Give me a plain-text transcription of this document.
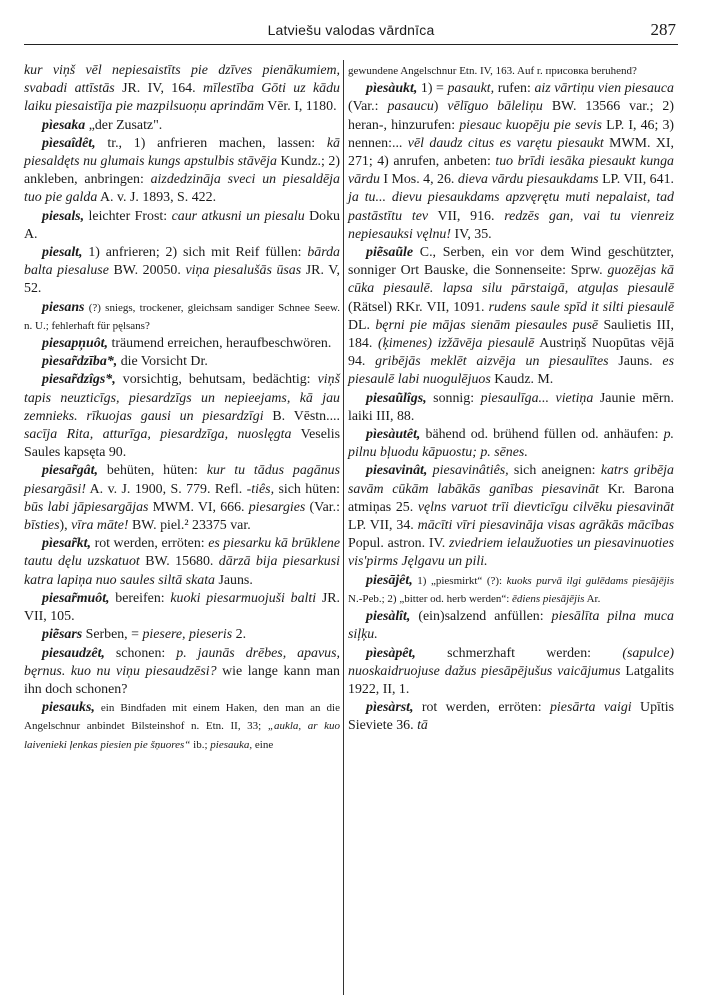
Latviešu valodas vārdnīca	287

kur viņš vēl nepiesaistīts pie dzīves pienākumiem, svabadi attīstās JR. IV, 164. mīlestība Gōti uz kādu laiku piesaistīja pie mazpilsuoņu aprindām Vēr. I, 1180.

pìesaka „der Zusatz".

pìesaîdêt, tr., 1) anfrieren machen, lassen: kā piesaldęts nu glumais kungs apstulbis stāvēja Kundz.; 2) ankleben, anbringen: aizdedzināja sveci un piesaldēja tuo pie galda A. v. J. 1893, S. 422.

piesals, leichter Frost: caur atkusni un piesalu Doku A.

piesalt, 1) anfrieren; 2) sich mit Reif füllen: bārda balta piesaluse BW. 20050. viņa piesalušās ūsas JR. V, 52.

piesans (?) sniegs, trockener, gleichsam sandiger Schnee Seew. n. U.; fehlerhaft für pęlsans?

piesapņuôt, träumend erreichen, heraufbeschwören.

pìesar̃dzība*, die Vorsicht Dr.

piesar̃dzîgs*, vorsichtig, behutsam, bedächtig: viņš tapis neuzticīgs, piesardzīgs un nepieejams, kā jau zemnieks. rīkuojas gausi un piesardzīgi B. Vēstn.... sacīja Rita, atturīga, piesardzīga, nuoslęgta Veselis Saules kapsęta 90.

piesar̃gât, behüten, hüten: kur tu tādus pagānus piesargāsi! A. v. J. 1900, S. 779. Refl. -tiês, sich hüten: būs labi jāpiesargājas MWM. VI, 666. piesargies (Var.: bīsties), vīra māte! BW. piel.² 23375 var.

pìesar̃kt, rot werden, erröten: es piesarku kā brūklene tautu dęlu uzskatuot BW. 15680. dārzā bija piesarkusi katra lapiņa nuo saules siltā skata Jauns.

piesar̃muôt, bereifen: kuoki piesarmuojuši balti JR. VII, 105.

piẽsars Serben, = piesere, pieseris 2.

piesaudzêt, schonen: p. jaunās drēbes, apavus, bęrnus. kuo nu viņu piesaudzēsi? wie lange kann man ihn doch schonen?

piesauks, ein Bindfaden mit einem Haken, den man an die Angelschnur anbindet Bilsteinshof n. Etn. II, 33; „aukla, ar kuo laivenieki ļenkas piesien pie šņuores“ ib.; piesauka, eine

gewundene Angelschnur Etn. IV, 163. Auf r. приcовка beruhend?

pìesàukt, 1) = pasaukt, rufen: aiz vārtiņu vien piesauca (Var.: pasaucu) vēlīguo bāleliņu BW. 13566 var.; 2) heran-, hinzurufen: piesauc kuopēju pie sevis LP. I, 46; 3) nennen:... vēl daudz citus es varętu piesaukt MWM. XI, 271; 4) anrufen, anbeten: tuo brīdi iesāka piesaukt kunga vārdu I Mos. 4, 26. dieva vārdu piesaukdams LP. VII, 641. ja tu... dievu piesaukdams apzvęrętu muti nepalaist, tad pastāstītu tev VII, 916. redzēs gan, vai tu vienreiz nepiesauksi vęlnu! IV, 35.

piẽsaũle C., Serben, ein vor dem Wind geschützter, sonniger Ort Bauske, die Sonnenseite: Sprw. guozējas kā cūka piesaulē. lapsa silu pārstaigā, atguļas piesaulē (Rätsel) RKr. VII, 1091. rudens saule spīd it silti piesaulē DL. bęrni pie mājas sienām piesaules pusē Saulietis III, 184. (ķimenes) izžāvēja piesaulē Austriņš Nuopūtas vējā 94. gribējās meklēt aizvēja un piesaulītes Jauns. es piesaulē labi nuogulējuos Kaudz. M.

piesaũlîgs, sonnig: piesaulīga... vietiņa Jaunie mērn. laiki III, 88.

pìesàutêt, bähend od. brühend füllen od. anhäufen: p. pilnu bļuodu kāpuostu; p. sēnes.

piesavinât, piesavinâtiês, sich aneignen: katrs gribēja savām cūkām labākās ganības piesavināt Kr. Barona atmiņas 25. vęlns varuot trīi dievticīgu cilvēku piesavināt LP. VII, 34. mācīti vīri piesavināja visas agrākās mācības Popul. astron. IV. zviedriem ielaužuoties un piesavinuoties vis'pirms Jęlgavu un pili.

piesājêt, 1) „piesmirkt“ (?): kuoks purvā ilgi gulēdams piesājējis N.-Peb.; 2) „bitter od. herb werden“: ēdiens piesājējis Ar.

piesàlît, (ein)salzend anfüllen: piesālīta pilna muca siļķu.

pìesàpêt, schmerzhaft werden: (sapulce) nuoskaidruojuse dažus piesāpējušus vaicājumus Latgalits 1922, II, 1.

pìesàrst, rot werden, erröten: piesārta vaigi Upītis Sieviete 36. tā
